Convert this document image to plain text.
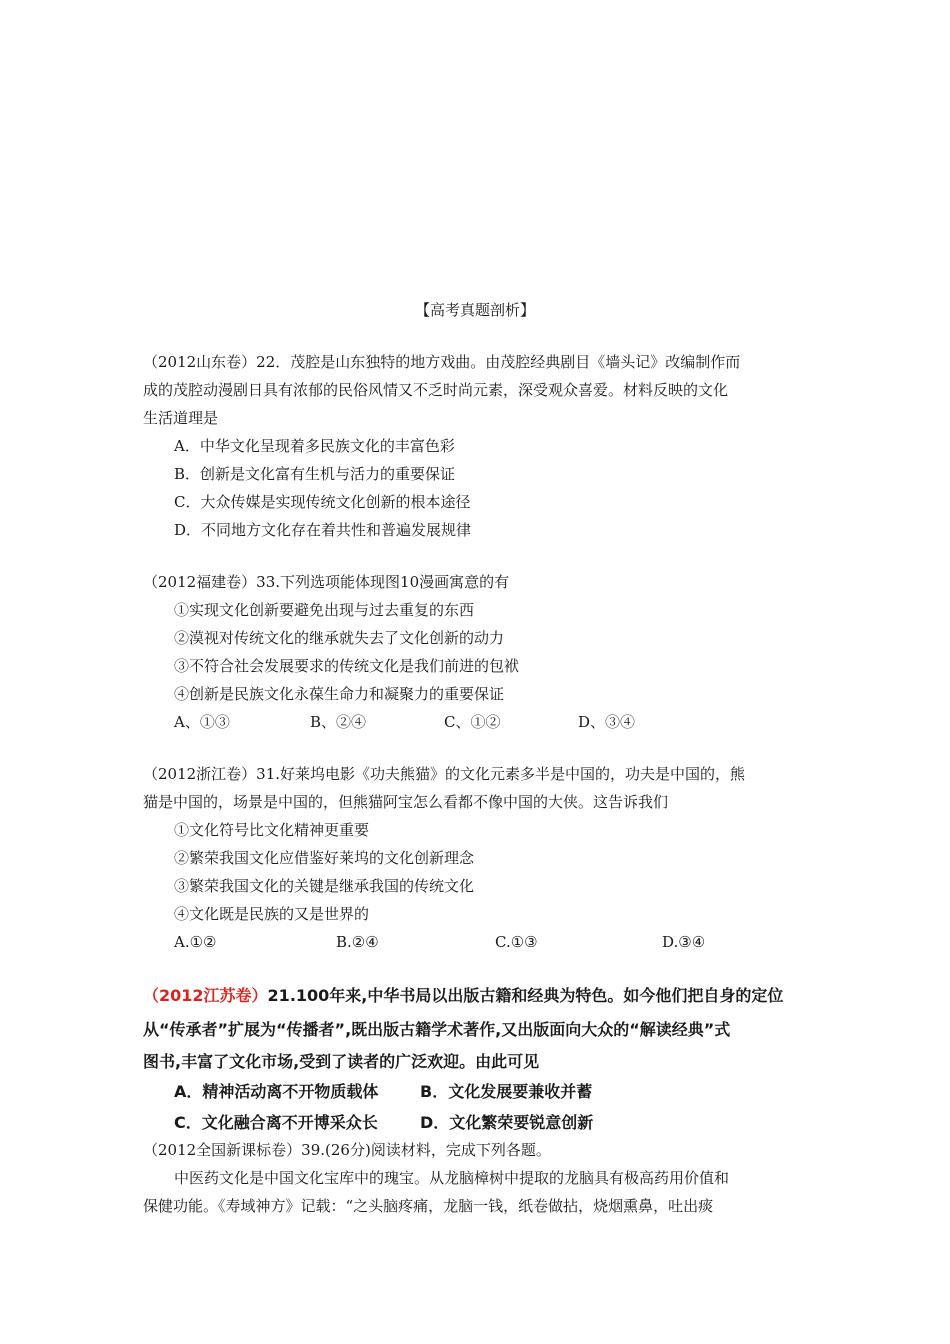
【高考真题剖析】
（2012山东卷）22．茂腔是山东独特的地方戏曲。由茂腔经典剧目《墙头记》改编制作而
成的茂腔动漫剧日具有浓郁的民俗风情又不乏时尚元素，深受观众喜爱。材料反映的文化
生活道理是
A．中华文化呈现着多民族文化的丰富色彩
B．创新是文化富有生机与活力的重要保证
C．大众传媒是实现传统文化创新的根本途径
D．不同地方文化存在着共性和普遍发展规律
（2012福建卷）33.下列选项能体现图10漫画寓意的有
①实现文化创新要避免出现与过去重复的东西
②漠视对传统文化的继承就失去了文化创新的动力
③不符合社会发展要求的传统文化是我们前进的包袱
④创新是民族文化永葆生命力和凝聚力的重要保证
A、①③	B、②④	C、①②	D、③④
（2012浙江卷）31.好莱坞电影《功夫熊猫》的文化元素多半是中国的，功夫是中国的，熊
猫是中国的，场景是中国的，但熊猫阿宝怎么看都不像中国的大侠。这告诉我们
①文化符号比文化精神更重要
②繁荣我国文化应借鉴好莱坞的文化创新理念
③繁荣我国文化的关键是继承我国的传统文化
④文化既是民族的又是世界的
A.①②	B.②④	C.①③	D.③④
（2012江苏卷）21.100年来,中华书局以出版古籍和经典为特色。如今他们把自身的定位
从“传承者”扩展为“传播者”,既出版古籍学术著作,又出版面向大众的“解读经典”式
图书,丰富了文化市场,受到了读者的广泛欢迎。由此可见
A．精神活动离不开物质载体	B．文化发展要兼收并蓄
C．文化融合离不开博采众长	D．文化繁荣要锐意创新
（2012全国新课标卷）39.(26分)阅读材料，完成下列各题。
中医药文化是中国文化宝库中的瑰宝。从龙脑樟树中提取的龙脑具有极高药用价值和
保健功能。《寿域神方》记载：“之头脑疼痛，龙脑一钱，纸卷做拈，烧烟熏鼻，吐出痰
